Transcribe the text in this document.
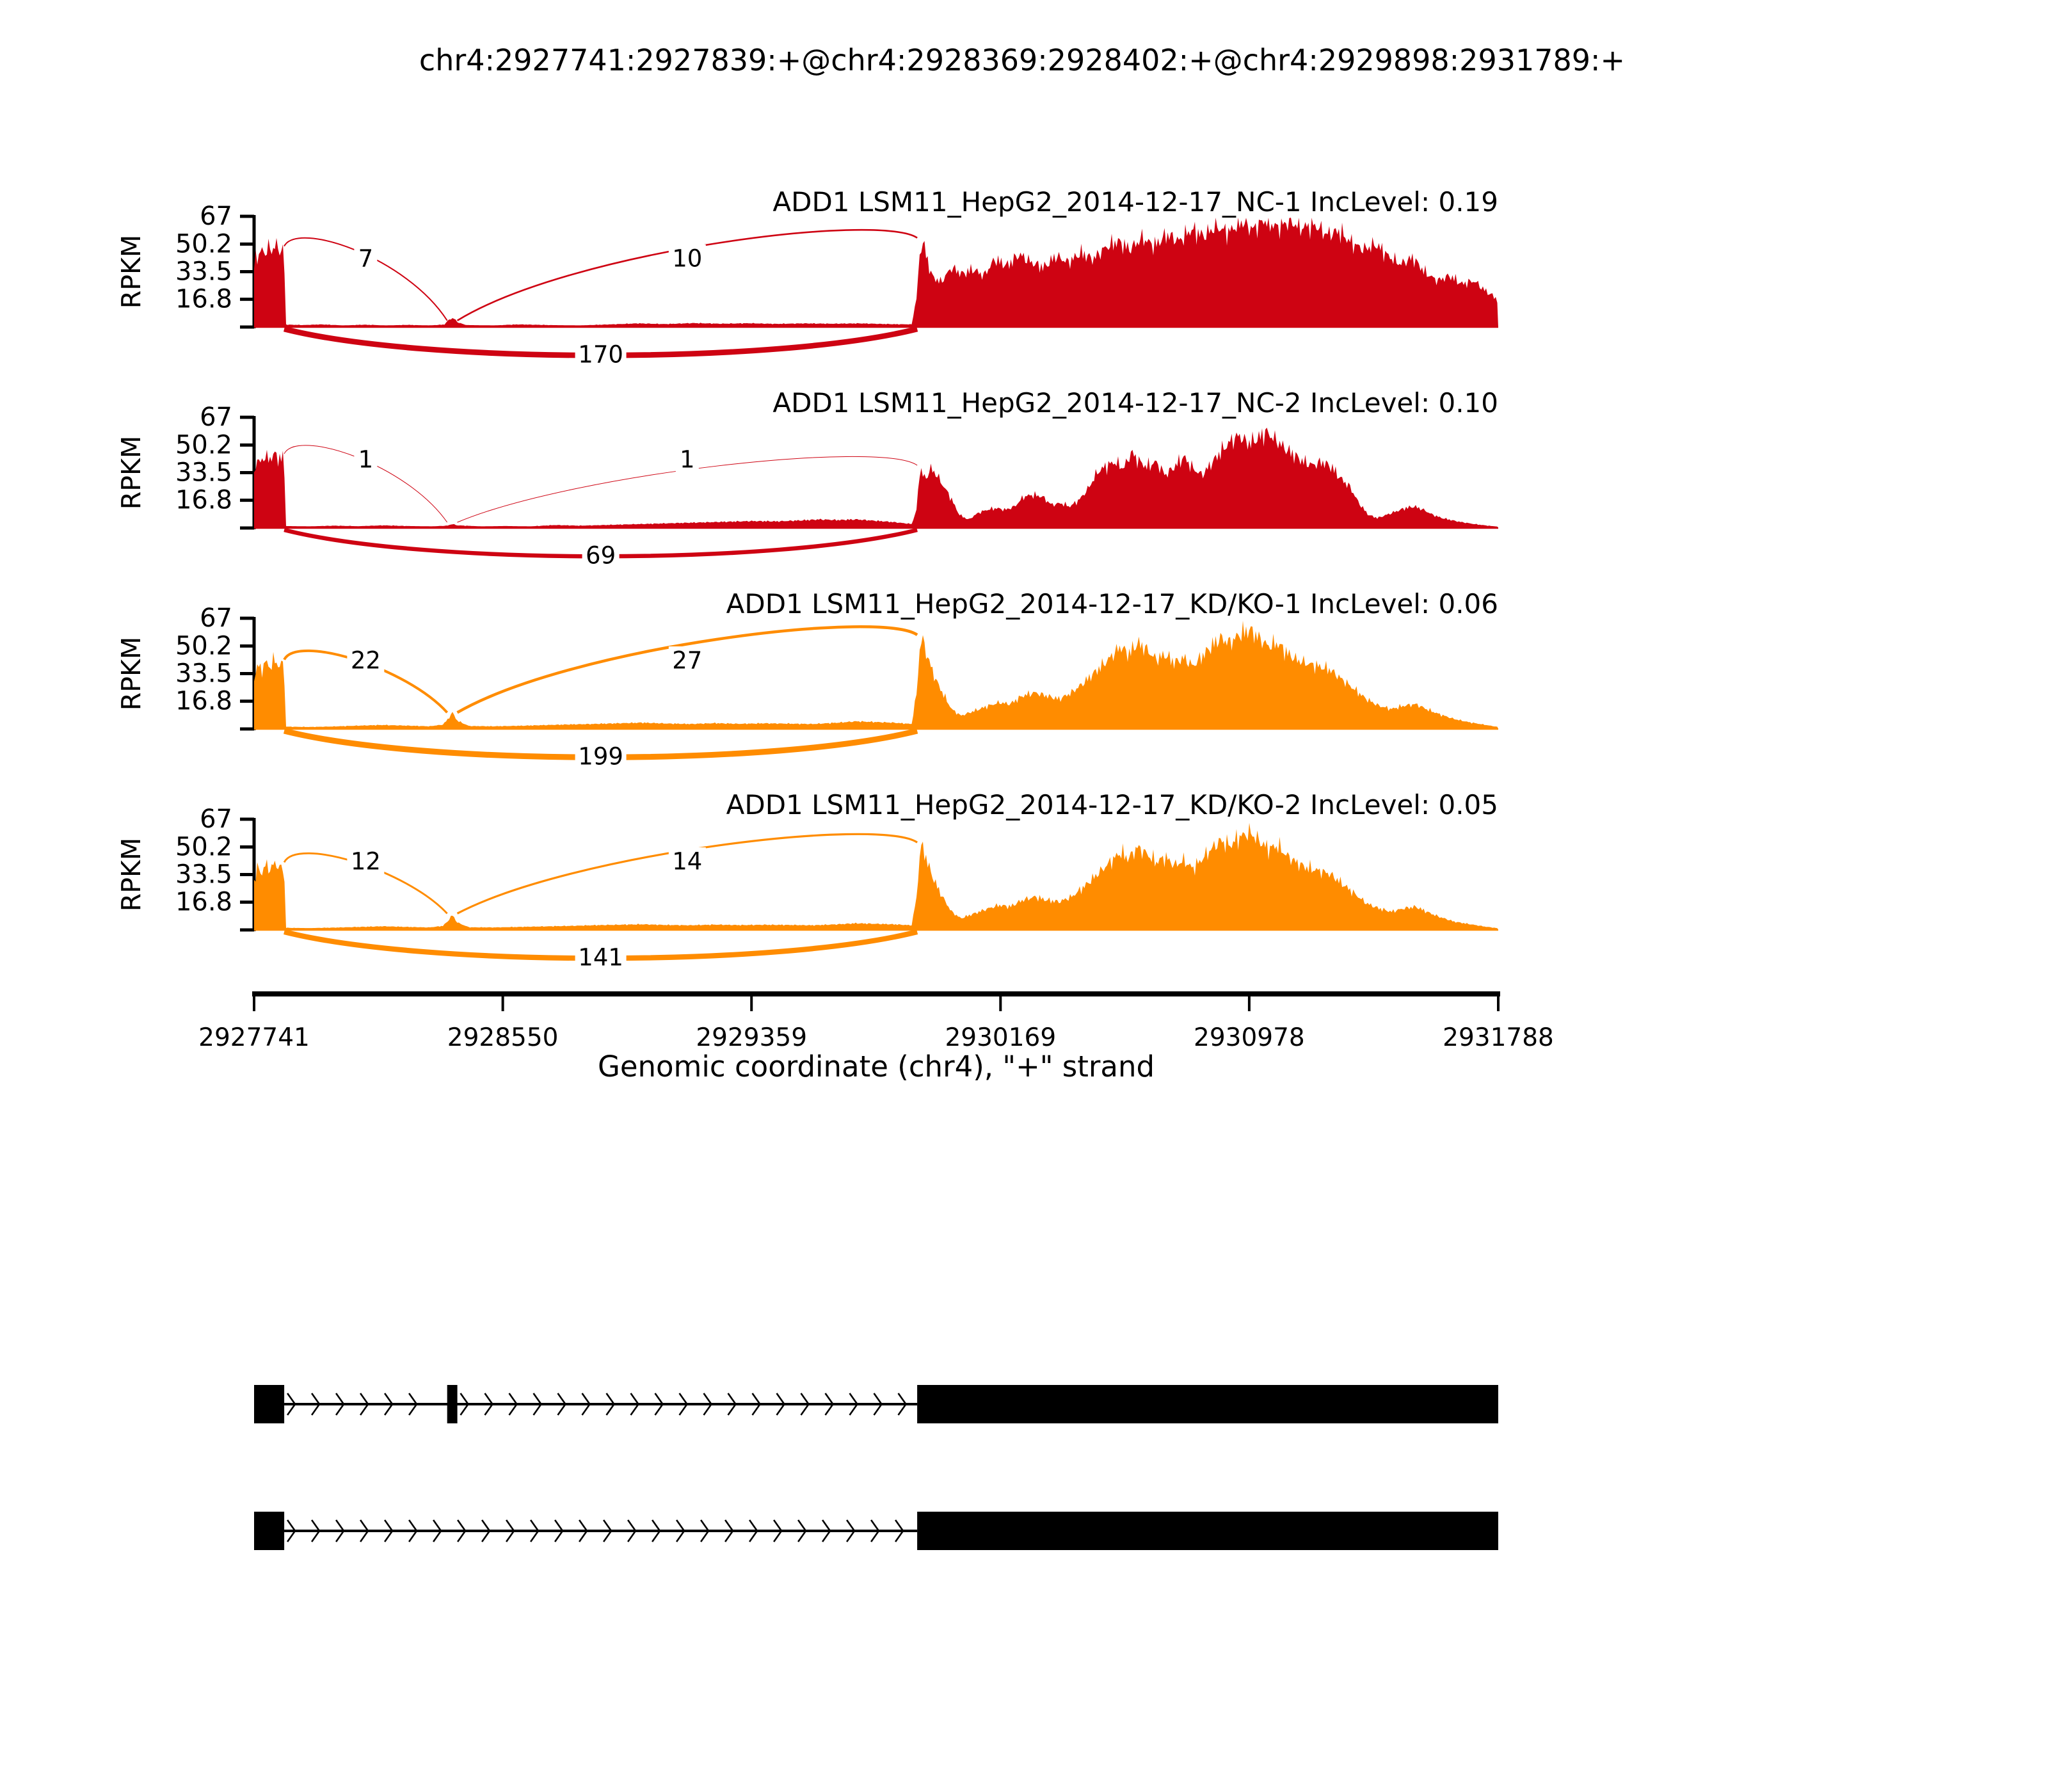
chr4:2927741:2927839:+@chr4:2928369:2928402:+@chr4:2929898:2931789:+
67
50.2
33.5
16.8
RPKM	7	10
170
ADD1 LSM11_HepG2_2014-12-17_NC-1 IncLevel: 0.19
67
50.2
33.5
16.8
RPKM	1	1
69
ADD1 LSM11_HepG2_2014-12-17_NC-2 IncLevel: 0.10
67
50.2
33.5
16.8
RPKM	22	27
199
ADD1 LSM11_HepG2_2014-12-17_KD/KO-1 IncLevel: 0.06
67
50.2
33.5
16.8
RPKM	12	14
141
ADD1 LSM11_HepG2_2014-12-17_KD/KO-2 IncLevel: 0.05
Genomic coordinate (chr4), "+" strand
2927741	2928550	2929359	2930169	2930978	2931788
